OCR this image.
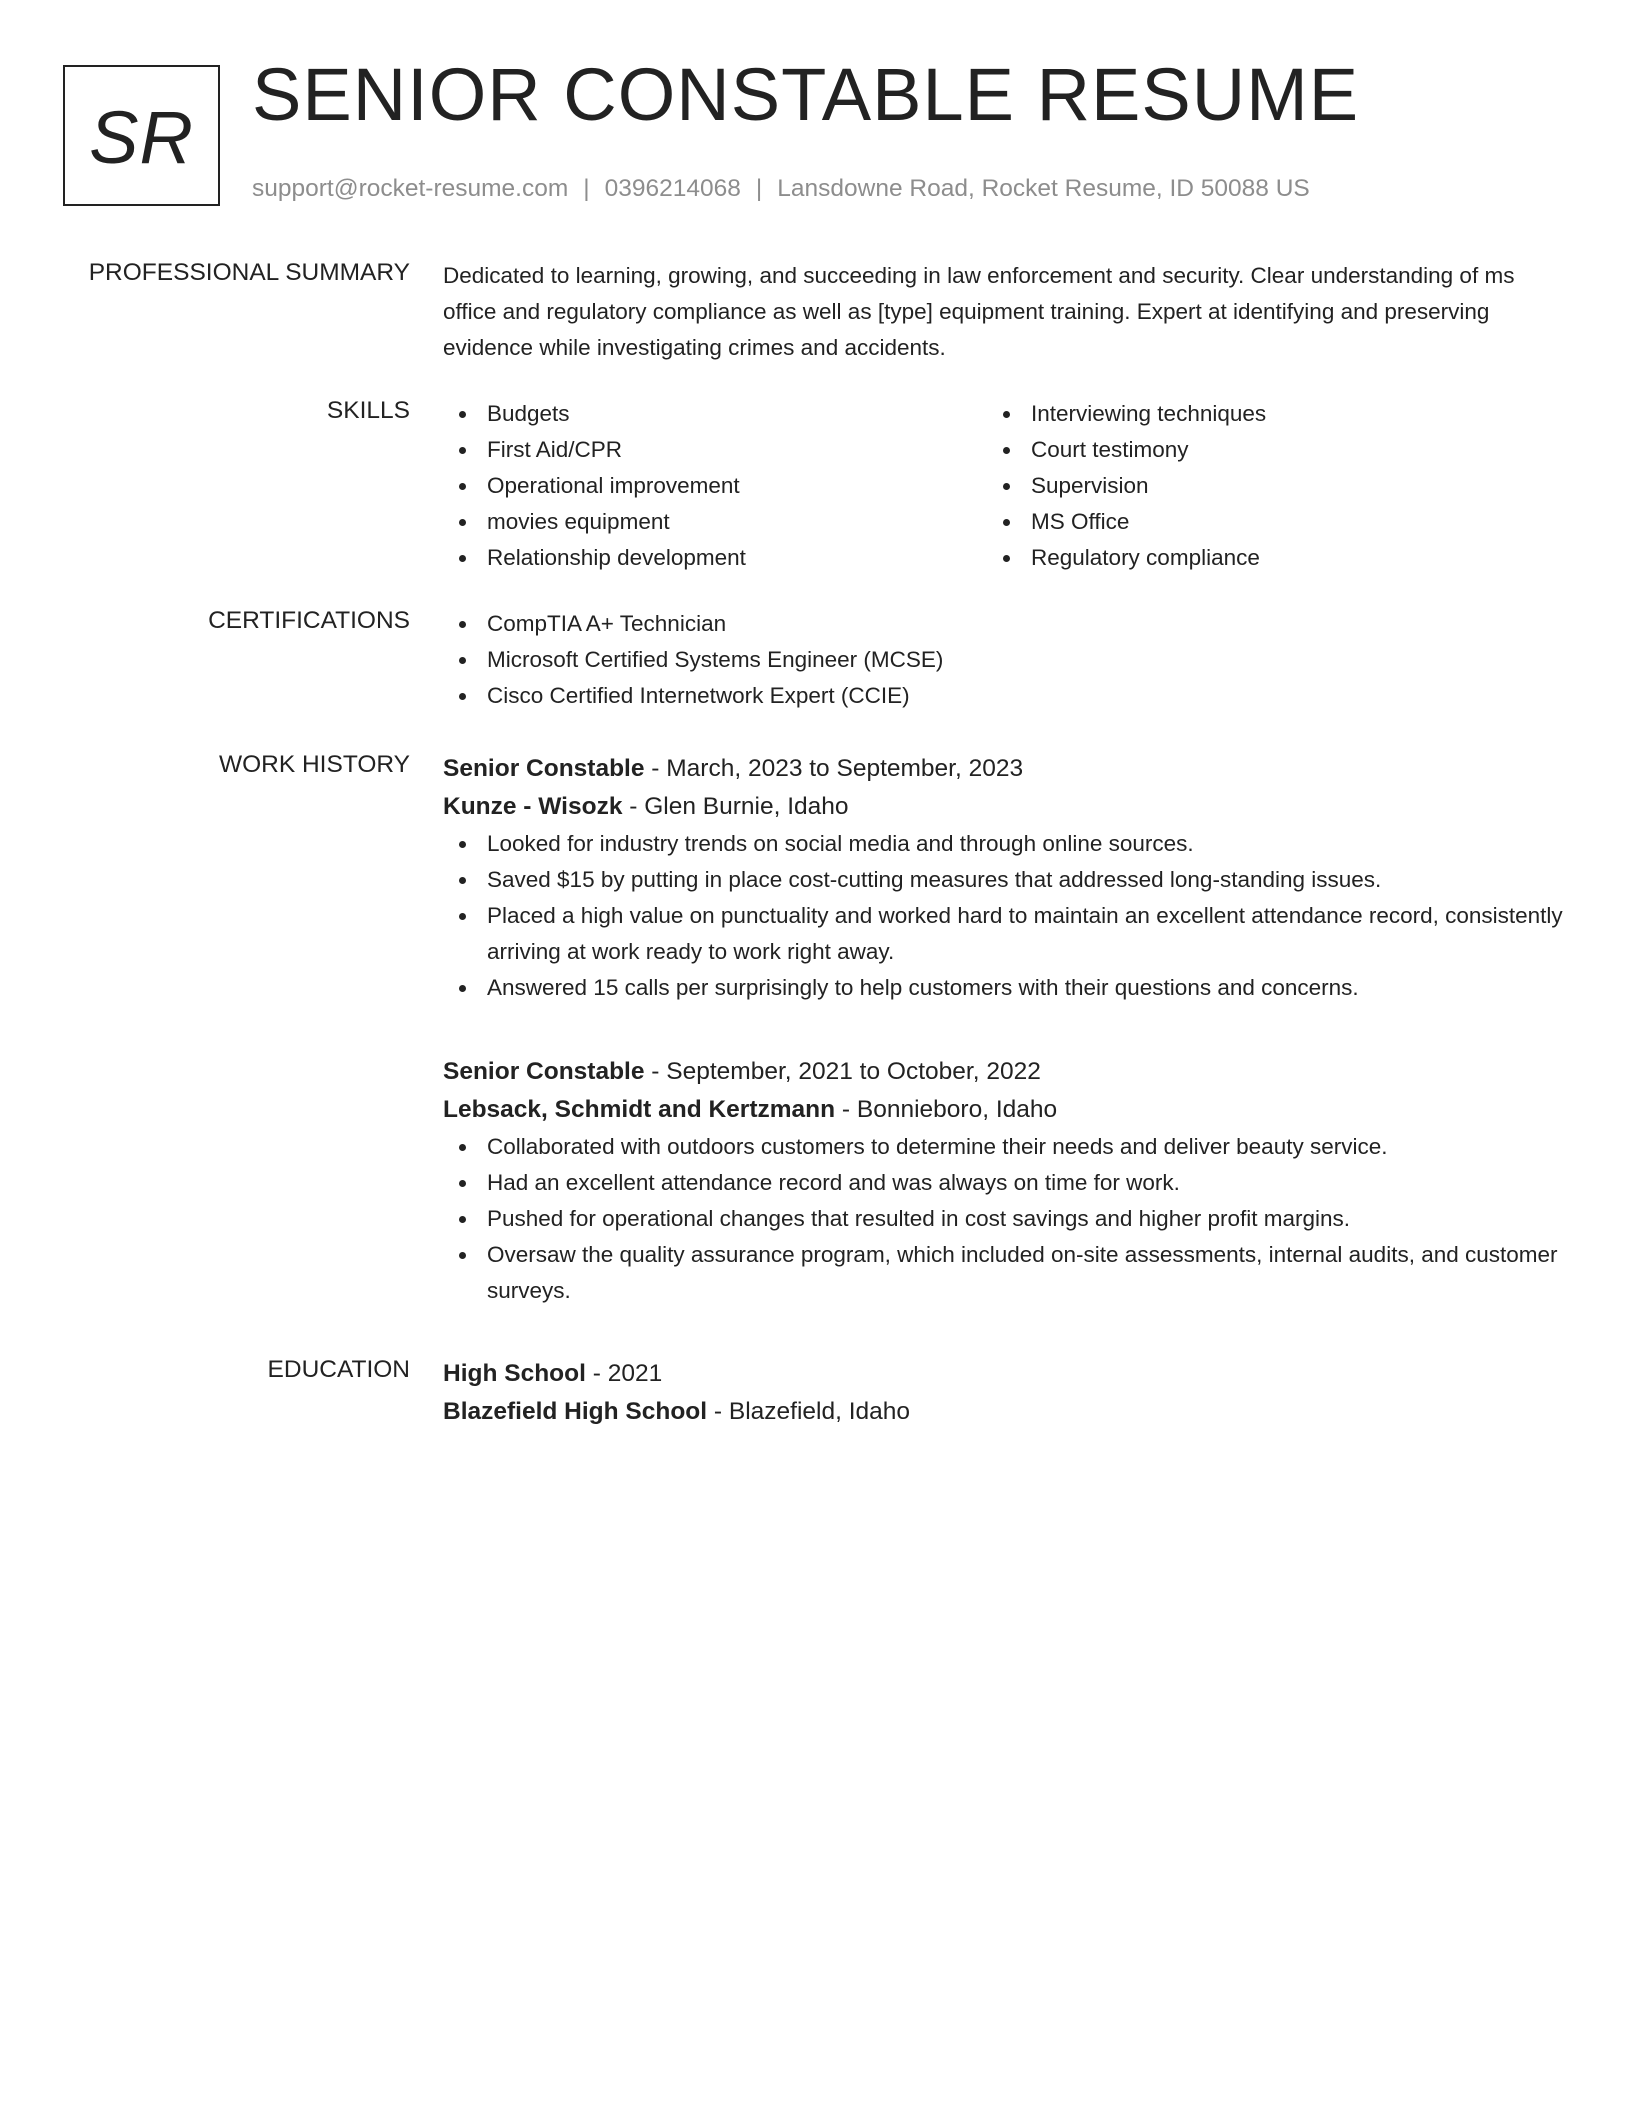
SR
SENIOR CONSTABLE RESUME
support@rocket-resume.com | 0396214068 | Lansdowne Road, Rocket Resume, ID 50088 US
PROFESSIONAL SUMMARY Dedicated to learning, growing, and succeeding in law enforcement and security. Clear understanding of ms office and regulatory compliance as well as [type] equipment training. Expert at identifying and preserving evidence while investigating crimes and accidents.

SKILLS	Budgets
First Aid/CPR
Operational improvement
movies equipment
Relationship development
Interviewing techniques
Court testimony
Supervision
MS Office
Regulatory compliance
CERTIFICATIONS	CompTIA A+ Technician
Microsoft Certified Systems Engineer (MCSE)
Cisco Certified Internetwork Expert (CCIE)
WORK HISTORY Senior Constable - March, 2023 to September, 2023
Kunze - Wisozk - Glen Burnie, Idaho
Looked for industry trends on social media and through online sources.
Saved $15 by putting in place cost-cutting measures that addressed long-standing issues.
Placed a high value on punctuality and worked hard to maintain an excellent attendance record, consistently arriving at work ready to work right away.
Answered 15 calls per surprisingly to help customers with their questions and concerns.
Senior Constable - September, 2021 to October, 2022
Lebsack, Schmidt and Kertzmann - Bonnieboro, Idaho
Collaborated with outdoors customers to determine their needs and deliver beauty service.
Had an excellent attendance record and was always on time for work.
Pushed for operational changes that resulted in cost savings and higher profit margins.
Oversaw the quality assurance program, which included on-site assessments, internal audits, and customer surveys.
EDUCATION High School - 2021
Blazefield High School - Blazefield, Idaho
